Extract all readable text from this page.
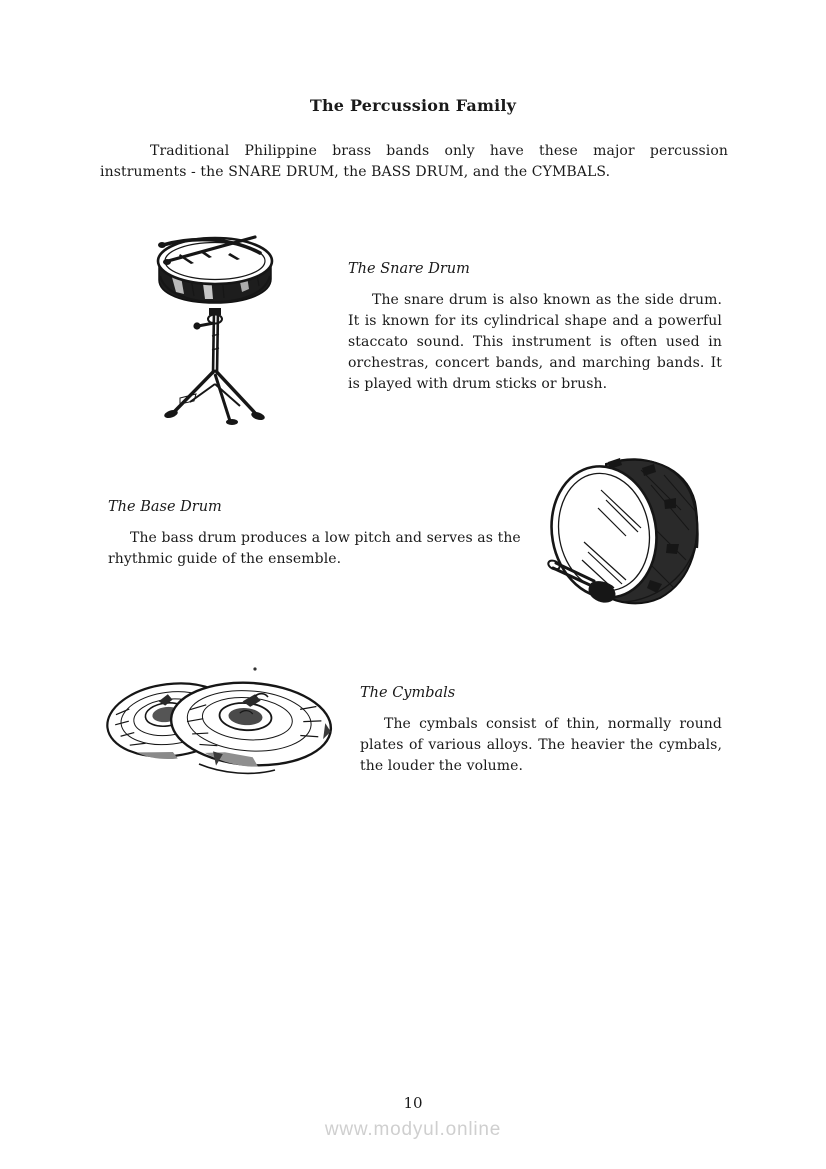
The Percussion Family
Traditional Philippine brass bands only have these major percussion instruments - the SNARE DRUM, the BASS DRUM, and the CYMBALS.
The Snare Drum
The snare drum is also known as the side drum. It is known for its cylindrical shape and a powerful staccato sound. This instrument is often used in orchestras, concert bands, and marching bands. It is played with drum sticks or brush.
The Base Drum
The bass drum produces a low pitch and serves as the rhythmic guide of the ensemble.
The Cymbals
The cymbals consist of thin, normally round plates of various alloys. The heavier the cymbals, the louder the volume.
10
www.modyul.online
